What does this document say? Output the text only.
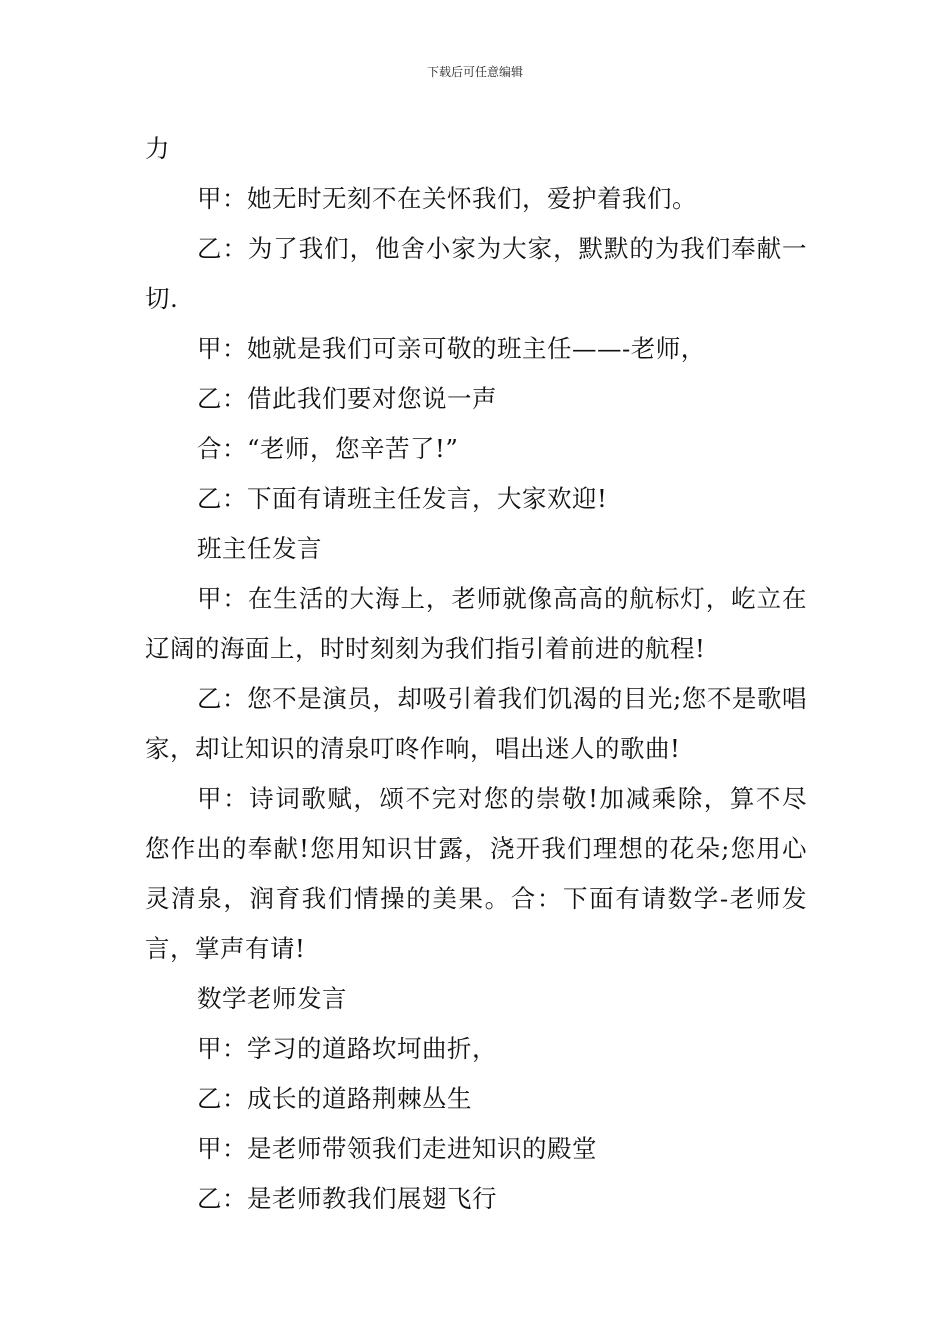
下载后可任意编辑

力

甲：她无时无刻不在关怀我们，爱护着我们。

乙：为了我们，他舍小家为大家，默默的为我们奉献一切.

甲：她就是我们可亲可敬的班主任——-老师，

乙：借此我们要对您说一声

合：“老师，您辛苦了!”

乙：下面有请班主任发言，大家欢迎!

班主任发言

甲：在生活的大海上，老师就像高高的航标灯，屹立在辽阔的海面上，时时刻刻为我们指引着前进的航程!

乙：您不是演员，却吸引着我们饥渴的目光;您不是歌唱家，却让知识的清泉叮咚作响，唱出迷人的歌曲!

甲：诗词歌赋，颂不完对您的崇敬!加减乘除，算不尽您作出的奉献!您用知识甘露，浇开我们理想的花朵;您用心灵清泉，润育我们情操的美果。合：下面有请数学-老师发言，掌声有请!

数学老师发言

甲：学习的道路坎坷曲折，

乙：成长的道路荆棘丛生

甲：是老师带领我们走进知识的殿堂

乙：是老师教我们展翅飞行
